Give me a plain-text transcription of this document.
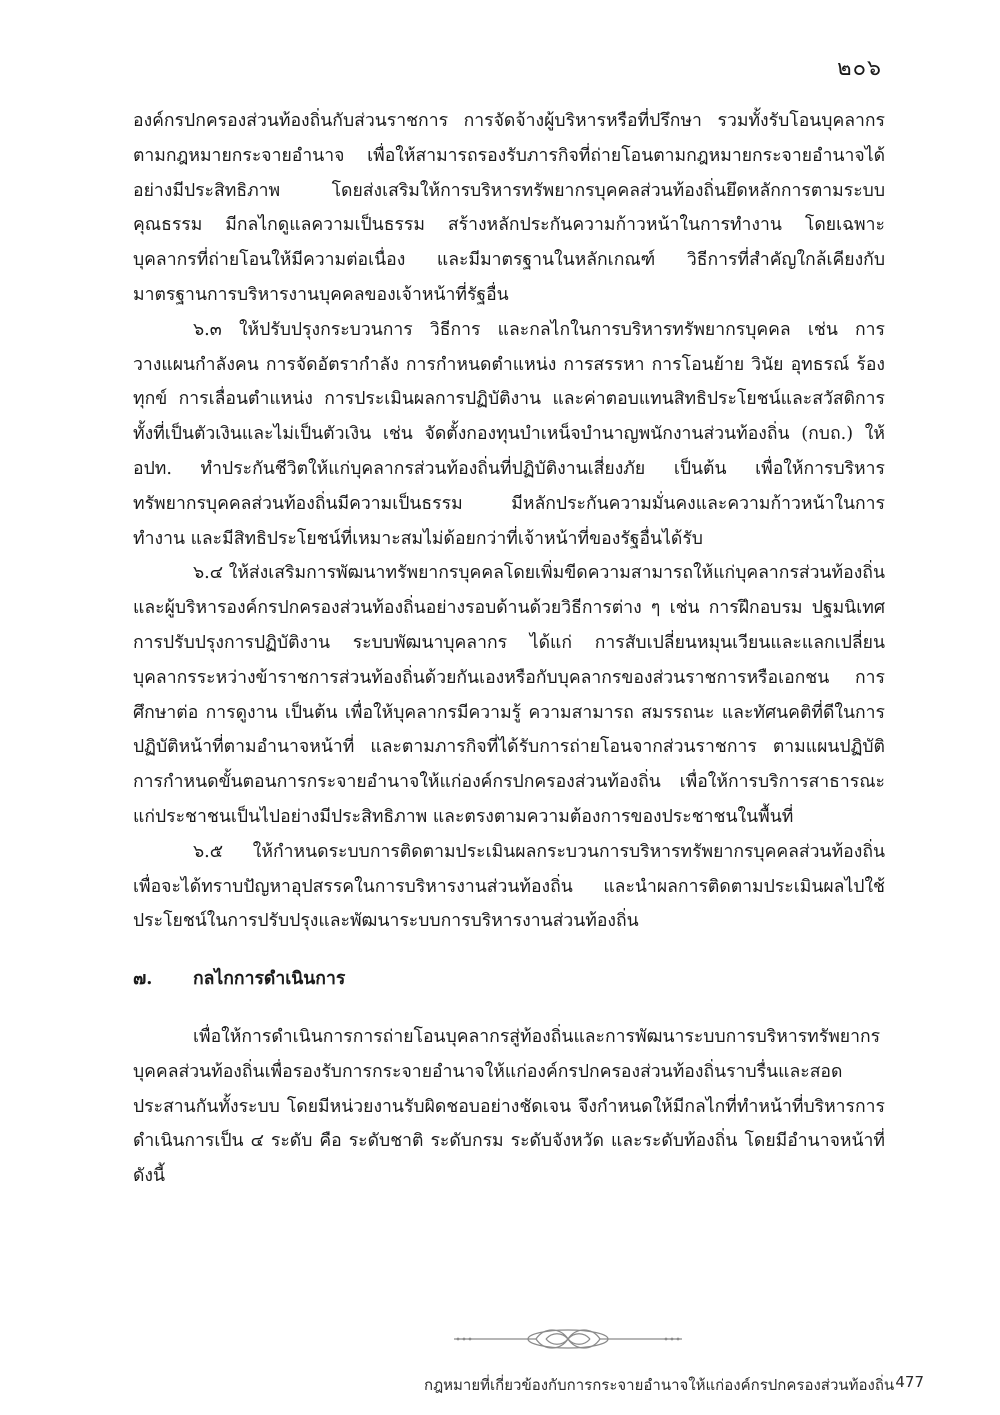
๒๐๖

องค์กรปกครองส่วนท้องถิ่นกับส่วนราชการ การจัดจ้างผู้บริหารหรือที่ปรึกษา รวมทั้งรับโอนบุคลากรตามกฎหมายกระจายอำนาจ เพื่อให้สามารถรองรับภารกิจที่ถ่ายโอนตามกฎหมายกระจายอำนาจได้อย่างมีประสิทธิภาพ โดยส่งเสริมให้การบริหารทรัพยากรบุคคลส่วนท้องถิ่นยึดหลักการตามระบบคุณธรรม มีกลไกดูแลความเป็นธรรม สร้างหลักประกันความก้าวหน้าในการทำงาน โดยเฉพาะบุคลากรที่ถ่ายโอนให้มีความต่อเนื่อง และมีมาตรฐานในหลักเกณฑ์ วิธีการที่สำคัญใกล้เคียงกับมาตรฐานการบริหารงานบุคคลของเจ้าหน้าที่รัฐอื่น

๖.๓ ให้ปรับปรุงกระบวนการ วิธีการ และกลไกในการบริหารทรัพยากรบุคคล เช่น การวางแผนกำลังคน การจัดอัตรากำลัง การกำหนดตำแหน่ง การสรรหา การโอนย้าย วินัย อุทธรณ์ ร้องทุกข์ การเลื่อนตำแหน่ง การประเมินผลการปฏิบัติงาน และค่าตอบแทนสิทธิประโยชน์และสวัสดิการทั้งที่เป็นตัวเงินและไม่เป็นตัวเงิน เช่น จัดตั้งกองทุนบำเหน็จบำนาญพนักงานส่วนท้องถิ่น (กบถ.) ให้ อปท. ทำประกันชีวิตให้แก่บุคลากรส่วนท้องถิ่นที่ปฏิบัติงานเสี่ยงภัย เป็นต้น เพื่อให้การบริหารทรัพยากรบุคคลส่วนท้องถิ่นมีความเป็นธรรม มีหลักประกันความมั่นคงและความก้าวหน้าในการทำงาน และมีสิทธิประโยชน์ที่เหมาะสมไม่ด้อยกว่าที่เจ้าหน้าที่ของรัฐอื่นได้รับ

๖.๔ ให้ส่งเสริมการพัฒนาทรัพยากรบุคคลโดยเพิ่มขีดความสามารถให้แก่บุคลากรส่วนท้องถิ่นและผู้บริหารองค์กรปกครองส่วนท้องถิ่นอย่างรอบด้านด้วยวิธีการต่าง ๆ เช่น การฝึกอบรม ปฐมนิเทศ การปรับปรุงการปฏิบัติงาน ระบบพัฒนาบุคลากร ได้แก่ การสับเปลี่ยนหมุนเวียนและแลกเปลี่ยนบุคลากรระหว่างข้าราชการส่วนท้องถิ่นด้วยกันเองหรือกับบุคลากรของส่วนราชการหรือเอกชน การศึกษาต่อ การดูงาน เป็นต้น เพื่อให้บุคลากรมีความรู้ ความสามารถ สมรรถนะ และทัศนคติที่ดีในการปฏิบัติหน้าที่ตามอำนาจหน้าที่ และตามภารกิจที่ได้รับการถ่ายโอนจากส่วนราชการ ตามแผนปฏิบัติการกำหนดขั้นตอนการกระจายอำนาจให้แก่องค์กรปกครองส่วนท้องถิ่น เพื่อให้การบริการสาธารณะแก่ประชาชนเป็นไปอย่างมีประสิทธิภาพ และตรงตามความต้องการของประชาชนในพื้นที่

๖.๕ ให้กำหนดระบบการติดตามประเมินผลกระบวนการบริหารทรัพยากรบุคคลส่วนท้องถิ่น เพื่อจะได้ทราบปัญหาอุปสรรคในการบริหารงานส่วนท้องถิ่น และนำผลการติดตามประเมินผลไปใช้ประโยชน์ในการปรับปรุงและพัฒนาระบบการบริหารงานส่วนท้องถิ่น

๗.	กลไกการดำเนินการ

เพื่อให้การดำเนินการการถ่ายโอนบุคลากรสู่ท้องถิ่นและการพัฒนาระบบการบริหารทรัพยากรบุคคลส่วนท้องถิ่นเพื่อรองรับการกระจายอำนาจให้แก่องค์กรปกครองส่วนท้องถิ่นราบรื่นและสอดประสานกันทั้งระบบ โดยมีหน่วยงานรับผิดชอบอย่างชัดเจน จึงกำหนดให้มีกลไกที่ทำหน้าที่บริหารการดำเนินการเป็น ๔ ระดับ คือ ระดับชาติ ระดับกรม ระดับจังหวัด และระดับท้องถิ่น โดยมีอำนาจหน้าที่ดังนี้

กฎหมายที่เกี่ยวข้องกับการกระจายอำนาจให้แก่องค์กรปกครองส่วนท้องถิ่น 477
